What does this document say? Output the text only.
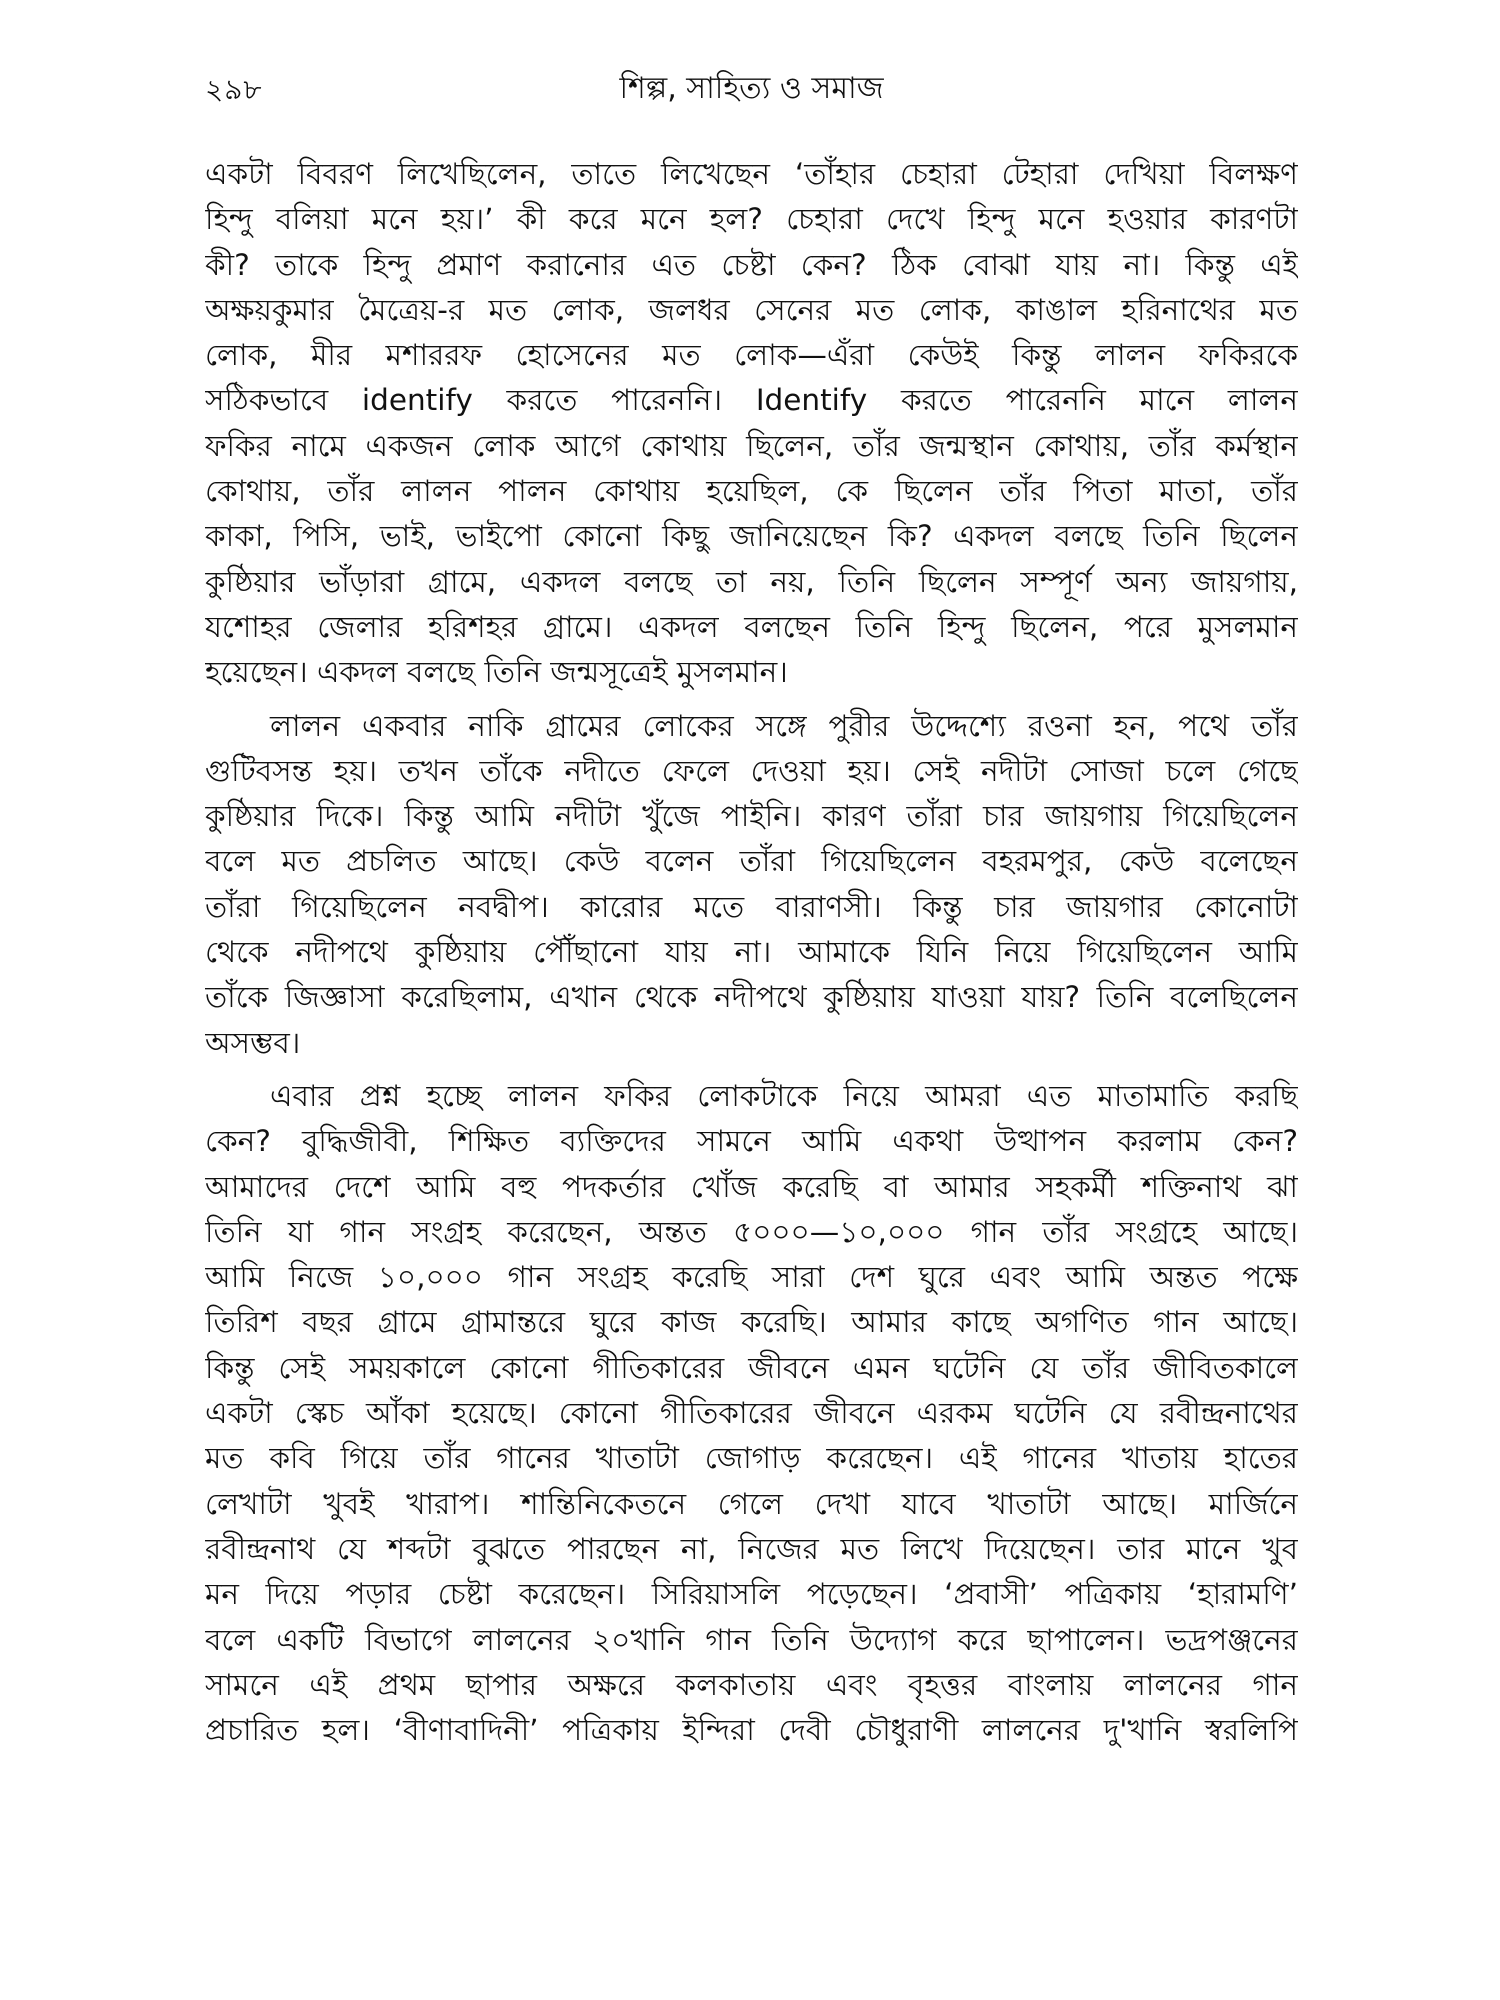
২৯৮	শিল্প, সাহিত্য ও সমাজ
একটা বিবরণ লিখেছিলেন, তাতে লিখেছেন ‘তাঁহার চেহারা টেহারা দেখিয়া বিলক্ষণ
হিন্দু বলিয়া মনে হয়।’ কী করে মনে হল? চেহারা দেখে হিন্দু মনে হওয়ার কারণটা
কী? তাকে হিন্দু প্রমাণ করানোর এত চেষ্টা কেন? ঠিক বোঝা যায় না। কিন্তু এই
অক্ষয়কুমার মৈত্রেয়-র মত লোক, জলধর সেনের মত লোক, কাঙাল হরিনাথের মত
লোক, মীর মশাররফ হোসেনের মত লোক—এঁরা কেউই কিন্তু লালন ফকিরকে
সঠিকভাবে identify করতে পারেননি। Identify করতে পারেননি মানে লালন
ফকির নামে একজন লোক আগে কোথায় ছিলেন, তাঁর জন্মস্থান কোথায়, তাঁর কর্মস্থান
কোথায়, তাঁর লালন পালন কোথায় হয়েছিল, কে ছিলেন তাঁর পিতা মাতা, তাঁর
কাকা, পিসি, ভাই, ভাইপো কোনো কিছু জানিয়েছেন কি? একদল বলছে তিনি ছিলেন
কুষ্ঠিয়ার ভাঁড়ারা গ্রামে, একদল বলছে তা নয়, তিনি ছিলেন সম্পূর্ণ অন্য জায়গায়,
যশোহর জেলার হরিশহর গ্রামে। একদল বলছেন তিনি হিন্দু ছিলেন, পরে মুসলমান
হয়েছেন। একদল বলছে তিনি জন্মসূত্রেই মুসলমান।
লালন একবার নাকি গ্রামের লোকের সঙ্গে পুরীর উদ্দেশ্যে রওনা হন, পথে তাঁর
গুটিবসন্ত হয়। তখন তাঁকে নদীতে ফেলে দেওয়া হয়। সেই নদীটা সোজা চলে গেছে
কুষ্ঠিয়ার দিকে। কিন্তু আমি নদীটা খুঁজে পাইনি। কারণ তাঁরা চার জায়গায় গিয়েছিলেন
বলে মত প্রচলিত আছে। কেউ বলেন তাঁরা গিয়েছিলেন বহরমপুর, কেউ বলেছেন
তাঁরা গিয়েছিলেন নবদ্বীপ। কারোর মতে বারাণসী। কিন্তু চার জায়গার কোনোটা
থেকে নদীপথে কুষ্ঠিয়ায় পৌঁছানো যায় না। আমাকে যিনি নিয়ে গিয়েছিলেন আমি
তাঁকে জিজ্ঞাসা করেছিলাম, এখান থেকে নদীপথে কুষ্ঠিয়ায় যাওয়া যায়? তিনি বলেছিলেন
অসম্ভব।
এবার প্রশ্ন হচ্ছে লালন ফকির লোকটাকে নিয়ে আমরা এত মাতামাতি করছি
কেন? বুদ্ধিজীবী, শিক্ষিত ব্যক্তিদের সামনে আমি একথা উত্থাপন করলাম কেন?
আমাদের দেশে আমি বহু পদকর্তার খোঁজ করেছি বা আমার সহকর্মী শক্তিনাথ ঝা
তিনি যা গান সংগ্রহ করেছেন, অন্তত ৫০০০—১০,০০০ গান তাঁর সংগ্রহে আছে।
আমি নিজে ১০,০০০ গান সংগ্রহ করেছি সারা দেশ ঘুরে এবং আমি অন্তত পক্ষে
তিরিশ বছর গ্রামে গ্রামান্তরে ঘুরে কাজ করেছি। আমার কাছে অগণিত গান আছে।
কিন্তু সেই সময়কালে কোনো গীতিকারের জীবনে এমন ঘটেনি যে তাঁর জীবিতকালে
একটা স্কেচ আঁকা হয়েছে। কোনো গীতিকারের জীবনে এরকম ঘটেনি যে রবীন্দ্রনাথের
মত কবি গিয়ে তাঁর গানের খাতাটা জোগাড় করেছেন। এই গানের খাতায় হাতের
লেখাটা খুবই খারাপ। শান্তিনিকেতনে গেলে দেখা যাবে খাতাটা আছে। মার্জিনে
রবীন্দ্রনাথ যে শব্দটা বুঝতে পারছেন না, নিজের মত লিখে দিয়েছেন। তার মানে খুব
মন দিয়ে পড়ার চেষ্টা করেছেন। সিরিয়াসলি পড়েছেন। ‘প্রবাসী’ পত্রিকায় ‘হারামণি’
বলে একটি বিভাগে লালনের ২০খানি গান তিনি উদ্যোগ করে ছাপালেন। ভদ্রপঞ্জনের
সামনে এই প্রথম ছাপার অক্ষরে কলকাতায় এবং বৃহত্তর বাংলায় লালনের গান
প্রচারিত হল। ‘বীণাবাদিনী’ পত্রিকায় ইন্দিরা দেবী চৌধুরাণী লালনের দু'খানি স্বরলিপি
